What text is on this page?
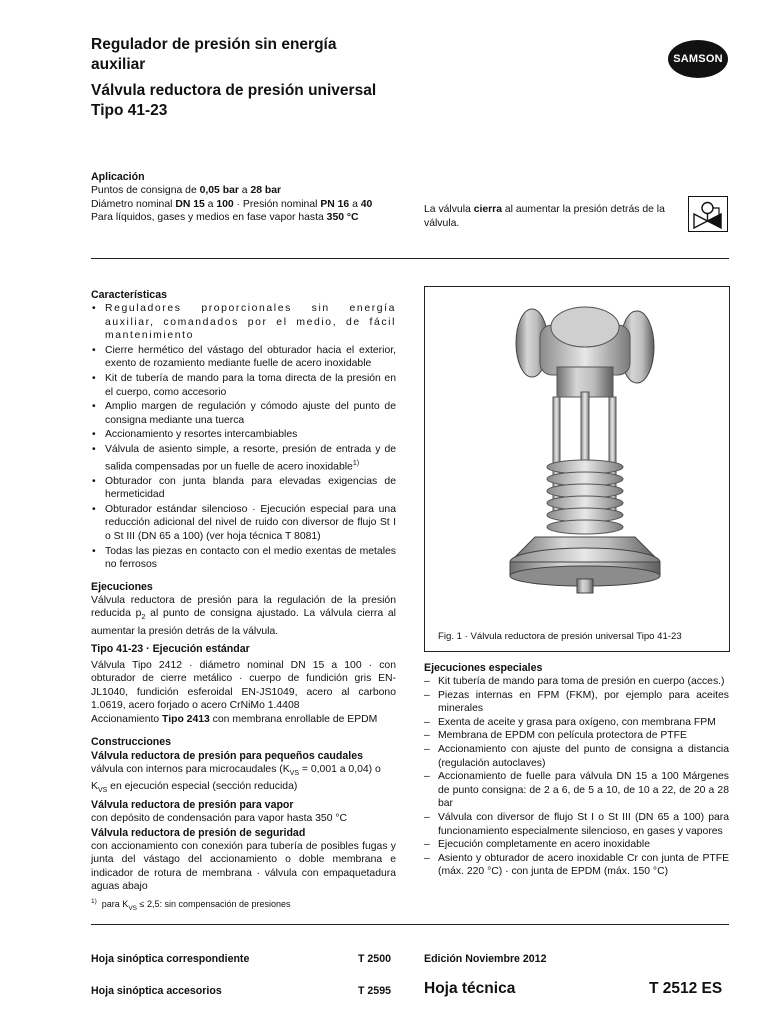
Regulador de presión sin energía
auxiliar
Válvula reductora de presión universal
Tipo 41-23
SAMSON
Aplicación
Puntos de consigna de 0,05 bar a 28 bar
Diámetro nominal DN 15 a 100 · Presión nominal PN 16 a 40
Para líquidos, gases y medios en fase vapor hasta 350 °C
La válvula cierra al aumentar la presión detrás de la válvula.
Características
• Reguladores proporcionales sin energía auxiliar, comandados por el medio, de fácil mantenimiento
• Cierre hermético del vástago del obturador hacia el exterior, exento de rozamiento mediante fuelle de acero inoxidable
• Kit de tubería de mando para la toma directa de la presión en el cuerpo, como accesorio
• Amplio margen de regulación y cómodo ajuste del punto de consigna mediante una tuerca
• Accionamiento y resortes intercambiables
• Válvula de asiento simple, a resorte, presión de entrada y de salida compensadas por un fuelle de acero inoxidable$^{1)}$
• Obturador con junta blanda para elevadas exigencias de hermeticidad
• Obturador estándar silencioso · Ejecución especial para una reducción adicional del nivel de ruido con diversor de flujo St I o St III (DN 65 a 100) (ver hoja técnica T 8081)
• Todas las piezas en contacto con el medio exentas de metales no ferrosos
Ejecuciones
Válvula reductora de presión para la regulación de la presión reducida $p_2$ al punto de consigna ajustado. La válvula cierra al aumentar la presión detrás de la válvula.
Tipo 41-23 · Ejecución estándar
Válvula Tipo 2412 · diámetro nominal DN 15 a 100 · con obturador de cierre metálico · cuerpo de fundición gris EN-JL1040, fundición esferoidal EN-JS1049, acero al carbono 1.0619, acero forjado o acero CrNiMo 1.4408
Accionamiento Tipo 2413 con membrana enrollable de EPDM
Construcciones
Válvula reductora de presión para pequeños caudales
válvula con internos para microcaudales ($K_{VS} = 0,001$ a 0,04) o $K_{VS}$ en ejecución especial (sección reducida)
Válvula reductora de presión para vapor
con depósito de condensación para vapor hasta 350 °C
Válvula reductora de presión de seguridad
con accionamiento con conexión para tubería de posibles fugas y junta del vástago del accionamiento o doble membrana e indicador de rotura de membrana · válvula con empaquetadura aguas abajo
$^{1)}$ para $K_{VS} \le 2,5$: sin compensación de presiones
Fig. 1 · Válvula reductora de presión universal Tipo 41-23
Ejecuciones especiales
– Kit tubería de mando para toma de presión en cuerpo (acces.)
– Piezas internas en FPM (FKM), por ejemplo para aceites minerales
– Exenta de aceite y grasa para oxígeno, con membrana FPM
– Membrana de EPDM con película protectora de PTFE
– Accionamiento con ajuste del punto de consigna a distancia (regulación autoclaves)
– Accionamiento de fuelle para válvula DN 15 a 100 Márgenes de punto consigna: de 2 a 6, de 5 a 10, de 10 a 22, de 20 a 28 bar
– Válvula con diversor de flujo St I o St III (DN 65 a 100) para funcionamiento especialmente silencioso, en gases y vapores
– Ejecución completamente en acero inoxidable
– Asiento y obturador de acero inoxidable Cr con junta de PTFE (máx. 220 °C) · con junta de EPDM (máx. 150 °C)
Hoja sinóptica correspondiente	T 2500
Hoja sinóptica accesorios	T 2595
Edición Noviembre 2012
Hoja técnica	T 2512 ES
